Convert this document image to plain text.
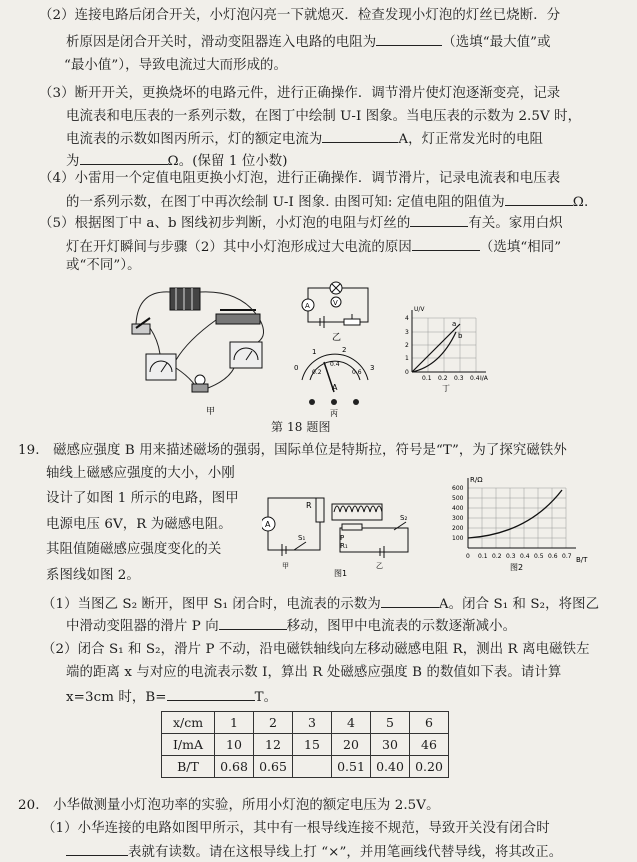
（2）连接电路后闭合开关，小灯泡闪亮一下就熄灭．检查发现小灯泡的灯丝已烧断．分
析原因是闭合开关时，滑动变阻器连入电路的电阻为	（选填“最大值”或
“最小值”），导致电流过大而形成的。
（3）断开开关，更换烧坏的电路元件，进行正确操作．调节滑片使灯泡逐渐变亮，记录
电流表和电压表的一系列示数，在图丁中绘制 U-I 图象。当电压表的示数为 2.5V 时，
电流表的示数如图丙所示，灯的额定电流为	A，灯正常发光时的电阻
为	Ω。(保留 1 位小数)
（4）小雷用一个定值电阻更换小灯泡，进行正确操作．调节滑片，记录电流表和电压表
的一系列示数，在图丁中再次绘制 U-I 图象. 由图可知: 定值电阻的阻值为	Ω.
（5）根据图丁中 a、b 图线初步判断，小灯泡的电阻与灯丝的	有关。家用白炽
灯在开灯瞬间与步骤（2）其中小灯泡形成过大电流的原因	（选填“相同”
或“不同”）。
甲
V
A
乙
0
1	2
3
0.2
0.4
0.6
A
丙
U/V
I/A
4
3
2
1
0
0.1 0.2 0.3 0.4
a
b
丁
第 18 题图
19.　磁感应强度 B 用来描述磁场的强弱，国际单位是特斯拉，符号是“T”，为了探究磁铁外
轴线上磁感应强度的大小，小刚
设计了如图 1 所示的电路，图甲
电源电压 6V，R 为磁感电阻。
其阻值随磁感应强度变化的关
系图线如图 2。
R
A
S₁
甲
P
R₁
S₂
乙
图1
R/Ω
B/T
600
500
400
300
200
100
0 0.1 0.2 0.3 0.4 0.5 0.6 0.7
图2
（1）当图乙 S₂ 断开，图甲 S₁ 闭合时，电流表的示数为	A。闭合 S₁ 和 S₂，将图乙
中滑动变阻器的滑片 P 向	移动，图甲中电流表的示数逐渐减小。
（2）闭合 S₁ 和 S₂，滑片 P 不动，沿电磁铁轴线向左移动磁感电阻 R，测出 R 离电磁铁左
端的距离 x 与对应的电流表示数 I，算出 R 处磁感应强度 B 的数值如下表。请计算
x=3cm 时，B=	T。
x/cm	1	2	3	4	5	6
I/mA	10	12	15	20	30	46
B/T	0.68	0.65		0.51	0.40	0.20
20.　小华做测量小灯泡功率的实验，所用小灯泡的额定电压为 2.5V。
（1）小华连接的电路如图甲所示，其中有一根导线连接不规范，导致开关没有闭合时
表就有读数。请在这根导线上打 “×”，并用笔画线代替导线，将其改正。
